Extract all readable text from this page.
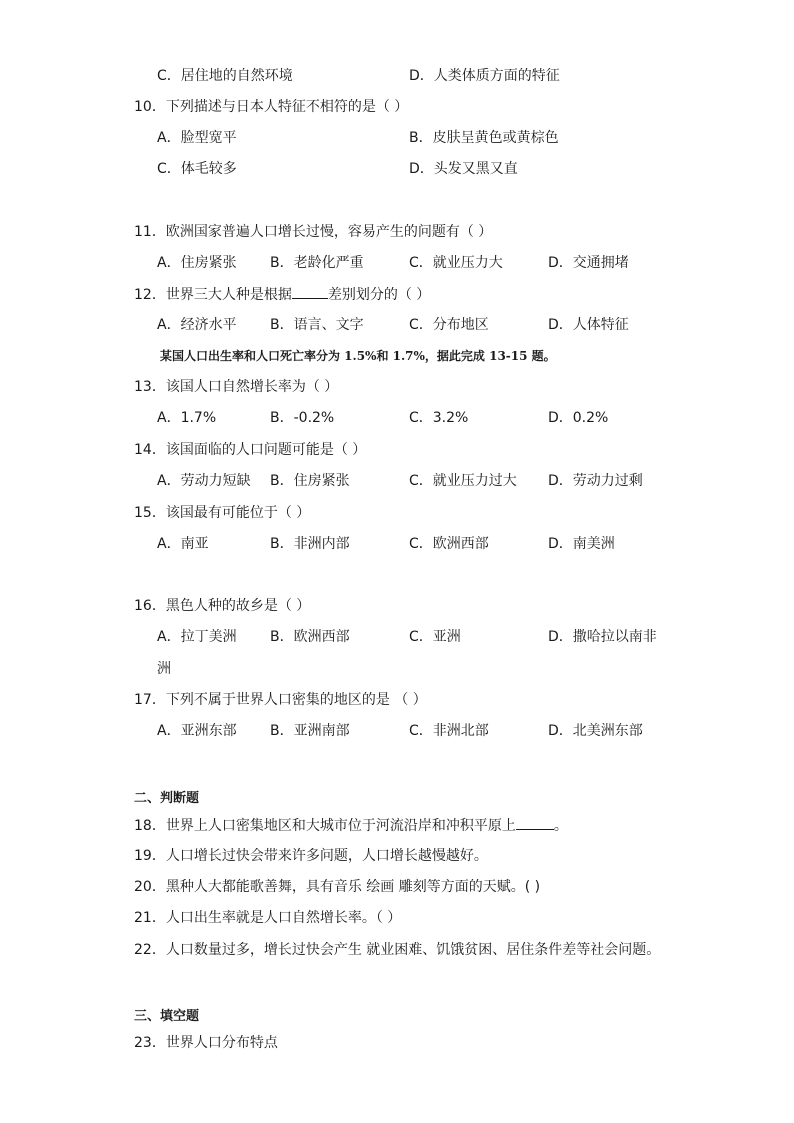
C．居住地的自然环境	D．人类体质方面的特征
10．下列描述与日本人特征不相符的是（ ）
A．脸型宽平	B．皮肤呈黄色或黄棕色
C．体毛较多	D．头发又黑又直
11．欧洲国家普遍人口增长过慢，容易产生的问题有（ ）
A．住房紧张 B．老龄化严重	C．就业压力大	D．交通拥堵
12．世界三大人种是根据	差别划分的（ ）
A．经济水平 B．语言、文字	C．分布地区	D．人体特征
某国人口出生率和人口死亡率分为 1.5%和 1.7%，据此完成 13-15 题。
13．该国人口自然增长率为（ ）
A．1.7%	B．-0.2%	C．3.2%	D．0.2%
14．该国面临的人口问题可能是（ ）
A．劳动力短缺 B．住房紧张	C．就业压力过大 D．劳动力过剩
15．该国最有可能位于（ ）
A．南亚	B．非洲内部	C．欧洲西部	D．南美洲
16．黑色人种的故乡是（ ）
A．拉丁美洲 B．欧洲西部	C．亚洲	D．撒哈拉以南非
洲
17．下列不属于世界人口密集的地区的是 （ ）
A．亚洲东部 B．亚洲南部	C．非洲北部	D．北美洲东部
二、判断题
18．世界上人口密集地区和大城市位于河流沿岸和冲积平原上	。
19．人口增长过快会带来许多问题，人口增长越慢越好。
20．黑种人大都能歌善舞，具有音乐 绘画 雕刻等方面的天赋。( )
21．人口出生率就是人口自然增长率。（ ）
22．人口数量过多，增长过快会产生 就业困难、饥饿贫困、居住条件差等社会问题。
三、填空题
23．世界人口分布特点
